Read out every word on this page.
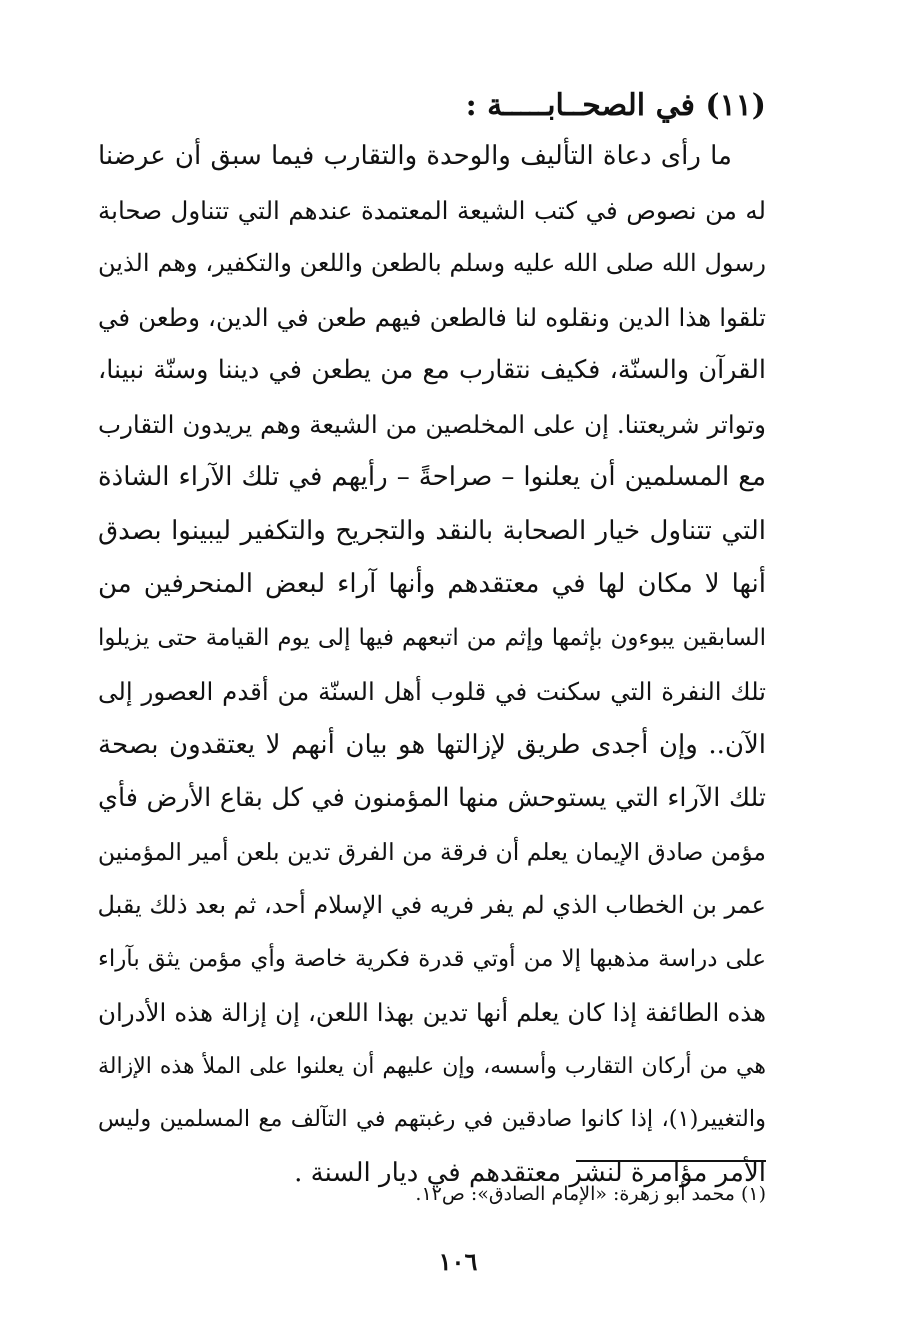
(١١) في الصحــابـــــة :
ما رأى دعاة التأليف والوحدة والتقارب فيما سبق أن عرضنا
له من نصوص في كتب الشيعة المعتمدة عندهم التي تتناول صحابة
رسول الله صلى الله عليه وسلم بالطعن واللعن والتكفير، وهم الذين
تلقوا هذا الدين ونقلوه لنا فالطعن فيهم طعن في الدين، وطعن في
القرآن والسنّة، فكيف نتقارب مع من يطعن في ديننا وسنّة نبينا،
وتواتر شريعتنا. إن على المخلصين من الشيعة وهم يريدون التقارب
مع المسلمين أن يعلنوا – صراحةً – رأيهم في تلك الآراء الشاذة
التي تتناول خيار الصحابة بالنقد والتجريح والتكفير ليبينوا بصدق
أنها لا مكان لها في معتقدهم وأنها آراء لبعض المنحرفين من
السابقين يبوءون بإثمها وإثم من اتبعهم فيها إلى يوم القيامة حتى يزيلوا
تلك النفرة التي سكنت في قلوب أهل السنّة من أقدم العصور إلى
الآن.. وإن أجدى طريق لإزالتها هو بيان أنهم لا يعتقدون بصحة
تلك الآراء التي يستوحش منها المؤمنون في كل بقاع الأرض فأي
مؤمن صادق الإيمان يعلم أن فرقة من الفرق تدين بلعن أمير المؤمنين
عمر بن الخطاب الذي لم يفر فريه في الإسلام أحد، ثم بعد ذلك يقبل
على دراسة مذهبها إلا من أوتي قدرة فكرية خاصة وأي مؤمن يثق بآراء
هذه الطائفة إذا كان يعلم أنها تدين بهذا اللعن، إن إزالة هذه الأدران
هي من أركان التقارب وأسسه، وإن عليهم أن يعلنوا على الملأ هذه الإزالة
والتغيير(١)، إذا كانوا صادقين في رغبتهم في التآلف مع المسلمين وليس
الأمر مؤامرة لنشر معتقدهم في ديار السنة .
(١) محمد أبو زهرة: «الإمام الصادق»: ص١٢.
١٠٦
